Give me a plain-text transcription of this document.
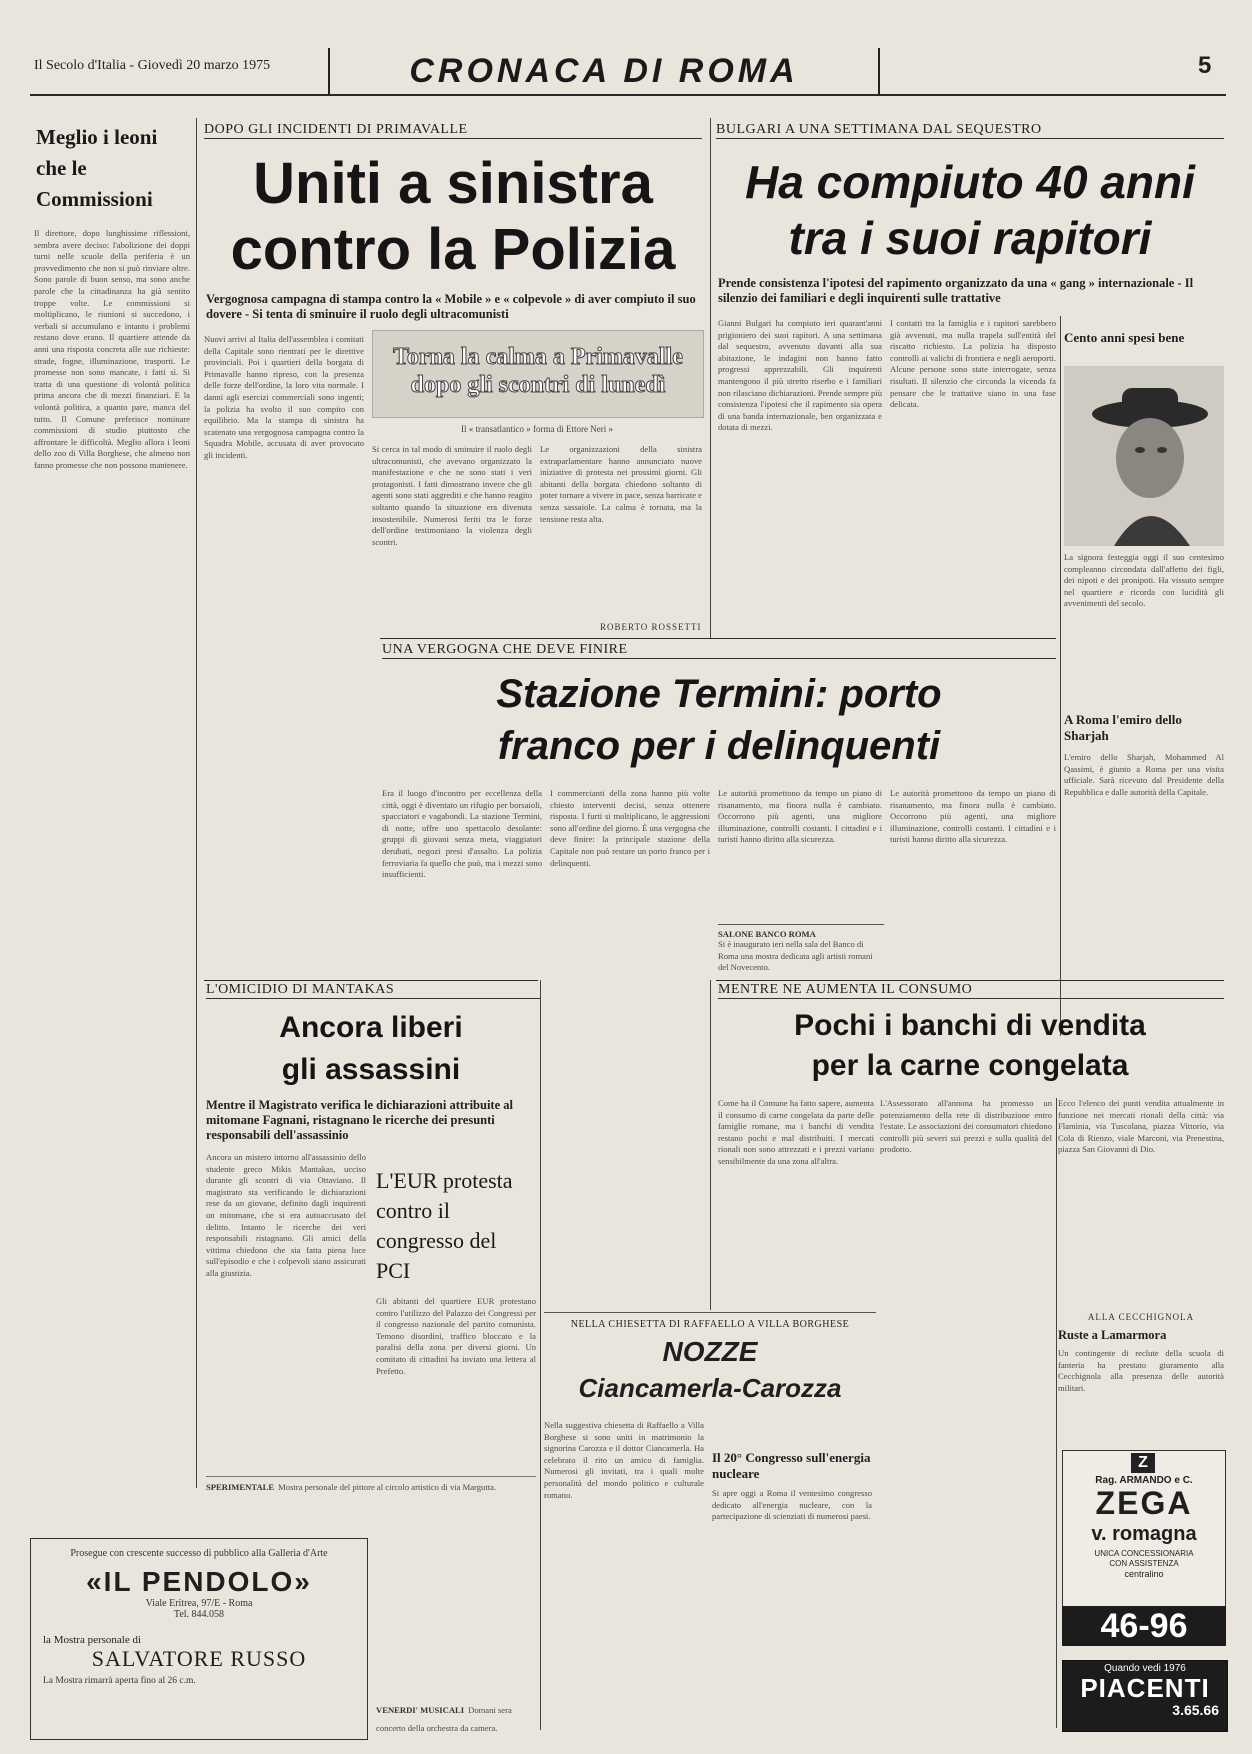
Il Secolo d'Italia - Giovedì 20 marzo 1975	CRONACA DI ROMA	5
Meglio i leoni che le Commissioni
Il direttore, dopo lunghissime riflessioni, sembra avere deciso: l'abolizione dei doppi turni nelle scuole della periferia è un provvedimento che non si può rinviare oltre. Sono parole di buon senso, ma sono anche parole che la cittadinanza ha già sentito troppe volte. Le commissioni si moltiplicano, le riunioni si succedono, i verbali si accumulano e intanto i problemi restano dove erano. Il quartiere attende da anni una risposta concreta alle sue richieste: strade, fogne, illuminazione, trasporti. Le promesse non sono mancate, i fatti sì. Si tratta di una questione di volontà politica prima ancora che di mezzi finanziari. E la volontà politica, a quanto pare, manca del tutto. Il Comune preferisce nominare commissioni di studio piuttosto che affrontare le difficoltà. Meglio allora i leoni dello zoo di Villa Borghese, che almeno non fanno promesse che non possono mantenere.
DOPO GLI INCIDENTI DI PRIMAVALLE
Uniti a sinistra
contro la Polizia
Vergognosa campagna di stampa contro la « Mobile » e « colpevole » di aver compiuto il suo dovere - Si tenta di sminuire il ruolo degli ultracomunisti
Torna la calma a Primavalle
dopo gli scontri di lunedì
Il « transatlantico » forma di Ettore Neri »
Nuovi arrivi al Italia dell'assemblea i comitati della Capitale sono rientrati per le direttive provinciali. Poi i quartieri della borgata di Primavalle hanno ripreso, con la presenza delle forze dell'ordine, la loro vita normale. I danni agli esercizi commerciali sono ingenti; la polizia ha svolto il suo compito con equilibrio. Ma la stampa di sinistra ha scatenato una vergognosa campagna contro la Squadra Mobile, accusata di aver provocato gli incidenti.
Si cerca in tal modo di sminuire il ruolo degli ultracomunisti, che avevano organizzato la manifestazione e che ne sono stati i veri protagonisti. I fatti dimostrano invece che gli agenti sono stati aggrediti e che hanno reagito soltanto quando la situazione era divenuta insostenibile. Numerosi feriti tra le forze dell'ordine testimoniano la violenza degli scontri.
Le organizzazioni della sinistra extraparlamentare hanno annunciato nuove iniziative di protesta nei prossimi giorni. Gli abitanti della borgata chiedono soltanto di poter tornare a vivere in pace, senza barricate e senza sassaiole. La calma è tornata, ma la tensione resta alta.
ROBERTO ROSSETTI
BULGARI A UNA SETTIMANA DAL SEQUESTRO
Ha compiuto 40 anni
tra i suoi rapitori
Prende consistenza l'ipotesi del rapimento organizzato da una « gang » internazionale - Il silenzio dei familiari e degli inquirenti sulle trattative
Gianni Bulgari ha compiuto ieri quarant'anni prigioniero dei suoi rapitori. A una settimana dal sequestro, avvenuto davanti alla sua abitazione, le indagini non hanno fatto progressi apprezzabili. Gli inquirenti mantengono il più stretto riserbo e i familiari non rilasciano dichiarazioni. Prende sempre più consistenza l'ipotesi che il rapimento sia opera di una banda internazionale, ben organizzata e dotata di mezzi.
I contatti tra la famiglia e i rapitori sarebbero già avvenuti, ma nulla trapela sull'entità del riscatto richiesto. La polizia ha disposto controlli ai valichi di frontiera e negli aeroporti. Alcune persone sono state interrogate, senza risultati. Il silenzio che circonda la vicenda fa pensare che le trattative siano in una fase delicata.
Cento anni spesi bene
La signora festeggia oggi il suo centesimo compleanno circondata dall'affetto dei figli, dei nipoti e dei pronipoti. Ha vissuto sempre nel quartiere e ricorda con lucidità gli avvenimenti del secolo.
A Roma l'emiro dello Sharjah
L'emiro dello Sharjah, Mohammed Al Qassimi, è giunto a Roma per una visita ufficiale. Sarà ricevuto dal Presidente della Repubblica e dalle autorità della Capitale.
UNA VERGOGNA CHE DEVE FINIRE
Stazione Termini: porto
franco per i delinquenti
Era il luogo d'incontro per eccellenza della città, oggi è diventato un rifugio per borsaioli, spacciatori e vagabondi. La stazione Termini, di notte, offre uno spettacolo desolante: gruppi di giovani senza meta, viaggiatori derubati, negozi presi d'assalto. La polizia ferroviaria fa quello che può, ma i mezzi sono insufficienti.
I commercianti della zona hanno più volte chiesto interventi decisi, senza ottenere risposta. I furti si moltiplicano, le aggressioni sono all'ordine del giorno. È una vergogna che deve finire: la principale stazione della Capitale non può restare un porto franco per i delinquenti.
Le autorità promettono da tempo un piano di risanamento, ma finora nulla è cambiato. Occorrono più agenti, una migliore illuminazione, controlli costanti. I cittadini e i turisti hanno diritto alla sicurezza.
SALONE BANCO ROMA
Si è inaugurato ieri nella sala del Banco di Roma una mostra dedicata agli artisti romani del Novecento.
Le autorità promettono da tempo un piano di risanamento, ma finora nulla è cambiato. Occorrono più agenti, una migliore illuminazione, controlli costanti. I cittadini e i turisti hanno diritto alla sicurezza.
L'OMICIDIO DI MANTAKAS
Ancora liberi
gli assassini
Mentre il Magistrato verifica le dichiarazioni attribuite al mitomane Fagnani, ristagnano le ricerche dei presunti responsabili dell'assassinio
Ancora un mistero intorno all'assassinio dello studente greco Mikis Mantakas, ucciso durante gli scontri di via Ottaviano. Il magistrato sta verificando le dichiarazioni rese da un giovane, definito dagli inquirenti un mitomane, che si era autoaccusato del delitto. Intanto le ricerche dei veri responsabili ristagnano. Gli amici della vittima chiedono che sia fatta piena luce sull'episodio e che i colpevoli siano assicurati alla giustizia.
L'EUR protesta contro il congresso del PCI
Gli abitanti del quartiere EUR protestano contro l'utilizzo del Palazzo dei Congressi per il congresso nazionale del partito comunista. Temono disordini, traffico bloccato e la paralisi della zona per diversi giorni. Un comitato di cittadini ha inviato una lettera al Prefetto.
SPERIMENTALE Mostra personale del pittore al circolo artistico di via Margutta.
MENTRE NE AUMENTA IL CONSUMO
Pochi i banchi di vendita
per la carne congelata
Come ha il Comune ha fatto sapere, aumenta il consumo di carne congelata da parte delle famiglie romane, ma i banchi di vendita restano pochi e mal distribuiti. I mercati rionali non sono attrezzati e i prezzi variano sensibilmente da una zona all'altra.
L'Assessorato all'annona ha promesso un potenziamento della rete di distribuzione entro l'estate. Le associazioni dei consumatori chiedono controlli più severi sui prezzi e sulla qualità del prodotto.
Ecco l'elenco dei punti vendita attualmente in funzione nei mercati rionali della città: via Flaminia, via Tuscolana, piazza Vittorio, via Cola di Rienzo, viale Marconi, via Prenestina, piazza San Giovanni di Dio.
ALLA CECCHIGNOLA
Ruste a Lamarmora
Un contingente di reclute della scuola di fanteria ha prestato giuramento alla Cecchignola alla presenza delle autorità militari.
NELLA CHIESETTA DI RAFFAELLO A VILLA BORGHESE
NOZZE
Ciancamerla-Carozza
Nella suggestiva chiesetta di Raffaello a Villa Borghese si sono uniti in matrimonio la signorina Carozza e il dottor Ciancamerla. Ha celebrato il rito un amico di famiglia. Numerosi gli invitati, tra i quali molte personalità del mondo politico e culturale romano.
Il 20° Congresso sull'energia nucleare
Si apre oggi a Roma il ventesimo congresso dedicato all'energia nucleare, con la partecipazione di scienziati di numerosi paesi.
VENERDI' MUSICALI Domani sera concerto della orchestra da camera.
Prosegue con crescente successo di pubblico alla Galleria d'Arte
«IL PENDOLO»
Viale Eritrea, 97/E - Roma
Tel. 844.058
la Mostra personale di
SALVATORE RUSSO
La Mostra rimarrà aperta fino al 26 c.m.
Z
Rag. ARMANDO e C.
ZEGA
v. romagna
UNICA CONCESSIONARIA
CON ASSISTENZA
centralino
46-96
Quando vedi 1976
PIACENTI
3.65.66
